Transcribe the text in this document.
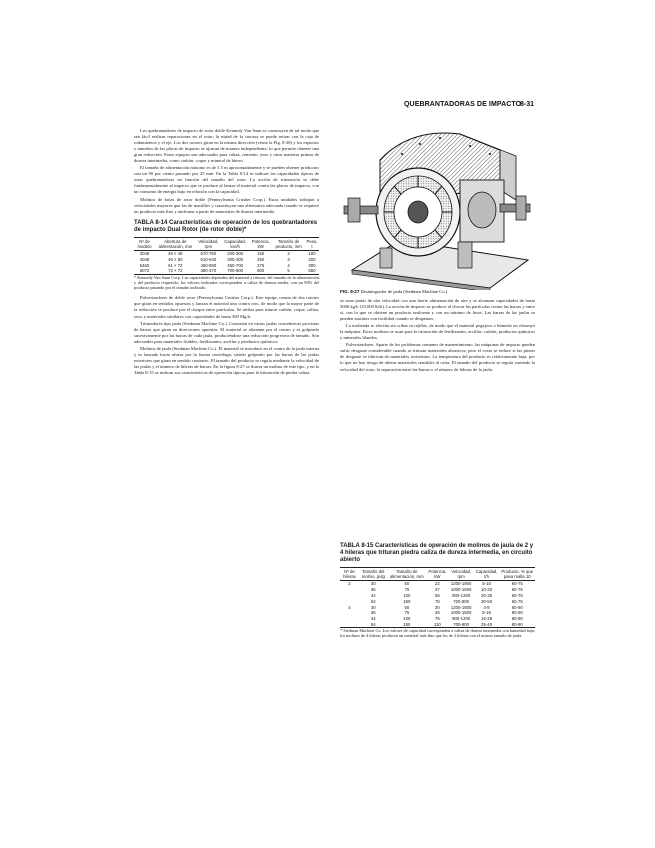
QUEBRANTADORAS DE IMPACTO
8-31

Los quebrantadores de impacto de rotor doble Kennedy Van Saun se construyen de tal modo que sea fácil realizar reparaciones en el rotor; la mitad de la carcasa se puede retirar con la caja de rodamientos y el eje. Los dos rotores giran en la misma dirección (véase la Fig. 8-26) y los espacios y tamaños de las placas de impacto se ajustan de manera independiente, lo que permite obtener una gran reducción. Estos equipos son adecuados para caliza, cemento, yeso y otras materias primas de dureza intermedia, como carbón, coque y mineral de hierro.

El tamaño de alimentación máximo es de 1.5 m aproximadamente y se pueden obtener productos con un 90 por ciento pasando por 25 mm. En la Tabla 8-14 se indican las capacidades típicas de estas quebrantadoras en función del tamaño del rotor. La acción de trituración se debe fundamentalmente al impacto que se produce al lanzar el material contra las placas de impacto, con un consumo de energía bajo en relación con la capacidad.

Molinos de bolas de rotor doble (Pennsylvania Crusher Corp.). Estas unidades trabajan a velocidades mayores que las de martillos y constituyen una alternativa adecuada cuando se requiere un producto más fino y uniforme a partir de materiales de dureza intermedia.

TABLA 8-14 Características de operación de los quebrantadores de impacto Dual Rotor (de rotor doble)*
Nº de modelo	Abertura de alimentación, mm	Velocidad, rpm	Capacidad, ton/h	Potencia, kW	Tamaño de producto, mm	Peso, t
3048	46 × 48	570-750	200-300	150	2	100
4048	46 × 60	510-640	300-400	250	3	200
5460	61 × 72	450-590	450-700	375	4	300
6072	72 × 72	380-470	700-900	600	5	550

* Kennedy Van Saun Corp. Las capacidades dependen del material a triturar, del tamaño de la alimentación y del producto requerido; los valores indicados corresponden a caliza de dureza media, con un 90% del producto pasando por el tamaño indicado.

Pulverizadores de doble rotor (Pennsylvania Crusher Corp.). Este equipo consta de dos rotores que giran en sentidos opuestos y lanzan el material uno contra otro, de modo que la mayor parte de la reducción se produce por el choque entre partículas. Se utiliza para triturar carbón, coque, caliza, yeso y materiales similares con capacidades de hasta 300 Mg/h.

Trituradores tipo jaula (Stedman Machine Co.). Consisten en varias jaulas concéntricas provistas de barras que giran en direcciones opuestas. El material se alimenta por el centro y es golpeado sucesivamente por las barras de cada jaula, produciéndose una reducción progresiva de tamaño. Son adecuados para materiales friables, fertilizantes, arcillas y productos químicos.

Molinos de jaula (Stedman Machine Co.). El material se introduce en el centro de la jaula interna y es lanzado hacia afuera por la fuerza centrífuga, siendo golpeado por las barras de las jaulas exteriores que giran en sentido contrario. El tamaño del producto se regula mediante la velocidad de las jaulas y el número de hileras de barras. En la figura 8-27 se ilustra un molino de este tipo, y en la Tabla 8-15 se indican sus características de operación típicas para la trituración de piedra caliza.

FIG. 8-27 Desintegrador de jaula (Stedman Machine Co.)

se usan jaulas de alta velocidad con una fuerte alimentación de aire y se alcanzan capacidades de hasta 5000 kg/h (10,000 lb/h). La acción de impacto se produce al chocar las partículas contra las barras y entre sí, con lo que se obtiene un producto uniforme y con un mínimo de finos. Las barras de las jaulas se pueden sustituir con facilidad cuando se desgastan.

La molienda se efectúa sin cribas ni rejillas, de modo que el material pegajoso o húmedo no obstruye la máquina. Estos molinos se usan para la trituración de fertilizantes, arcillas, carbón, productos químicos y minerales blandos.

Pulverizadores. Aparte de los problemas comunes de mantenimiento, las máquinas de impacto pueden sufrir desgaste considerable cuando se trituran materiales abrasivos, pero el costo se reduce si las piezas de desgaste se fabrican de materiales resistentes. La temperatura del producto es relativamente baja, por lo que no hay riesgo de alterar materiales sensibles al calor. El tamaño del producto se regula variando la velocidad del rotor, la separación entre las barras o el número de hileras de la jaula.

TABLA 8-15 Características de operación de molinos de jaula de 2 y 4 hileras que trituran piedra caliza de dureza intermedia, en circuito abierto
Nº de hileras	Tamaño del molino, pulg	Tamaño de alimentación, mm	Potencia, kW	Velocidad, rpm	Capacidad, t/h	Producto, % que pasa malla 10
2	30	50	22	1200-1800	5-10	60-75
	36	75	37	1000-1500	10-20	60-75
	44	100	56	900-1200	20-35	60-75
	54	150	75	700-900	30-50	60-75
4	30	50	30	1200-1800	4-8	80-90
	36	75	45	1000-1500	8-16	80-90
	44	100	75	900-1200	16-28	80-90
	54	150	110	700-900	25-40	80-90

* Stedman Machine Co. Los valores de capacidad corresponden a caliza de dureza intermedia con humedad baja; los molinos de 4 hileras producen un material más fino que los de 2 hileras con el mismo tamaño de jaula.
